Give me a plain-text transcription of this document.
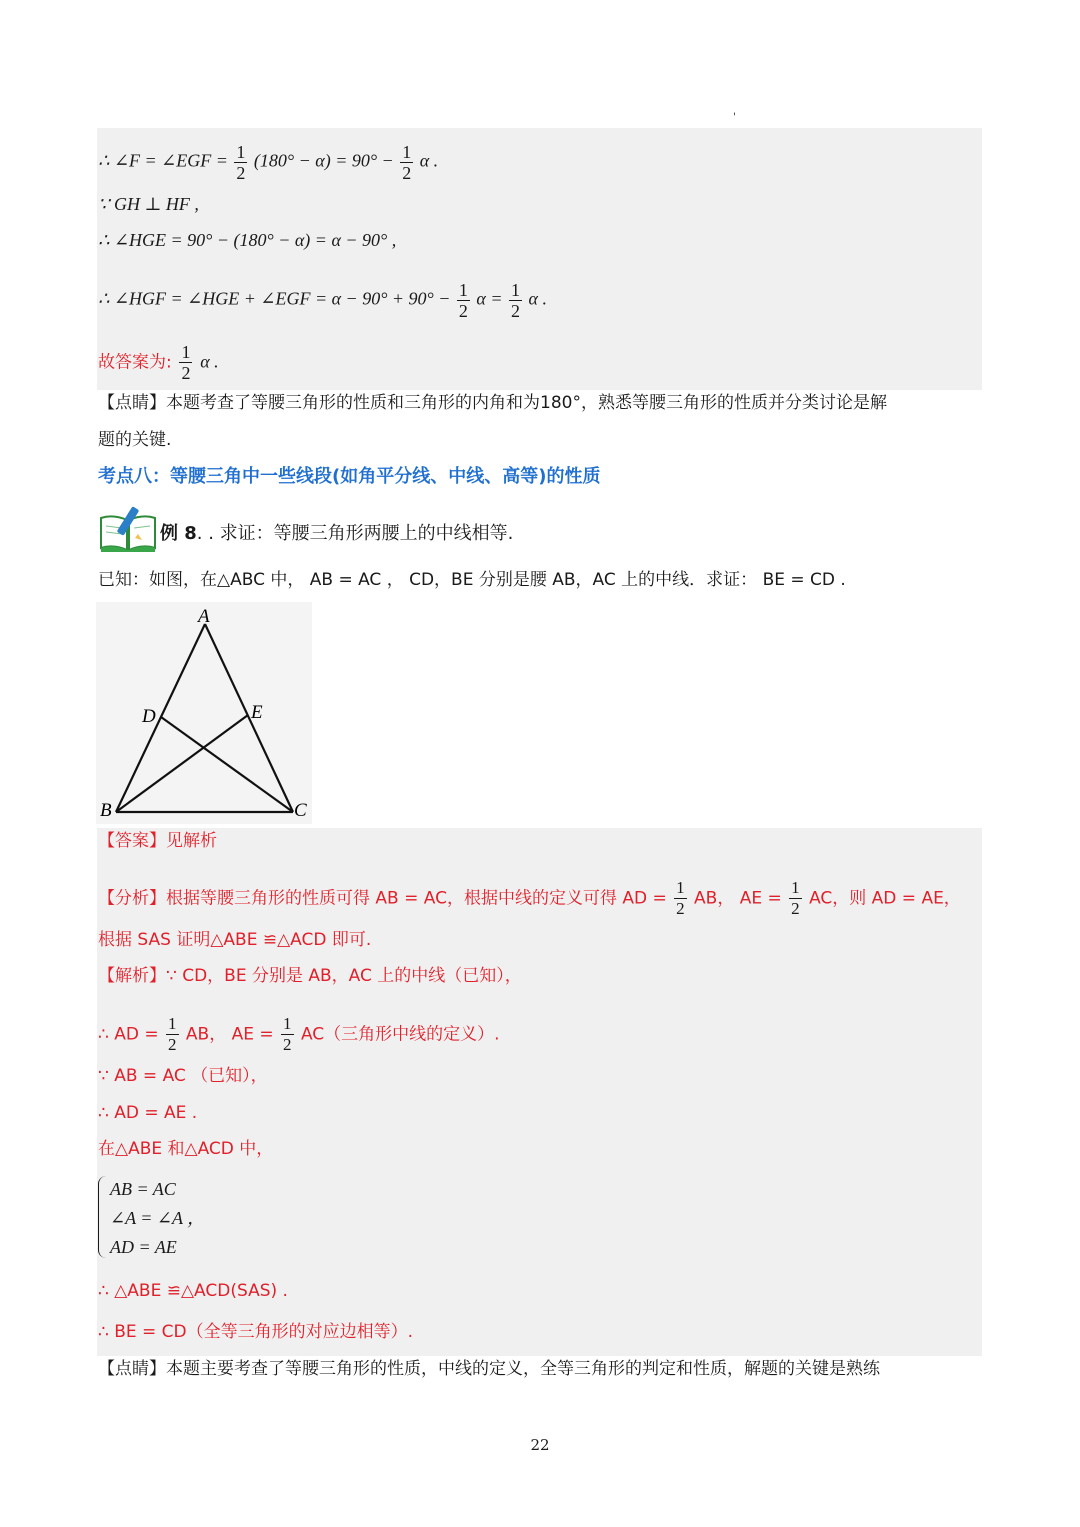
'
∴ ∠F = ∠EGF = $\frac{1}{2} (180^\circ - \alpha) = 90^\circ - \frac{1}{2}$ α .
∵ GH ⊥ HF ,
∴ ∠HGE = 90° − (180° − α) = α − 90° ,
∴ ∠HGF = ∠HGE + ∠EGF = $\alpha - 90^\circ + 90^\circ - \frac{1}{2}$ $\alpha = \frac{1}{2}$ α .
故答案为: $\frac{1}{2}$ α .
【点睛】本题考查了等腰三角形的性质和三角形的内角和为180°，熟悉等腰三角形的性质并分类讨论是解
题的关键.
考点八：等腰三角中一些线段(如角平分线、中线、高等)的性质
例 8. . 求证：等腰三角形两腰上的中线相等.
已知：如图，在△ABC 中， AB = AC ， CD，BE 分别是腰 AB，AC 上的中线．求证： BE = CD .
A
B	C
D	E
【答案】见解析
【分析】根据等腰三角形的性质可得 AB = AC，根据中线的定义可得 AD = $\frac{1}{2}$ AB， AE = $\frac{1}{2}$ AC，则 AD = AE，
根据 SAS 证明△ABE ≌△ACD 即可.
【解析】∵ CD，BE 分别是 AB，AC 上的中线（已知），
∴ AD = $\frac{1}{2}$ AB， AE = $\frac{1}{2} AC$（三角形中线的定义）.
∵ AB = AC （已知），
∴ AD = AE .
在△ABE 和△ACD 中，
AB = AC
∠A = ∠A ，
AD = AE
∴ △ABE ≌△ACD(SAS) .
∴ BE = CD（全等三角形的对应边相等）.
【点睛】本题主要考查了等腰三角形的性质，中线的定义，全等三角形的判定和性质，解题的关键是熟练
22
